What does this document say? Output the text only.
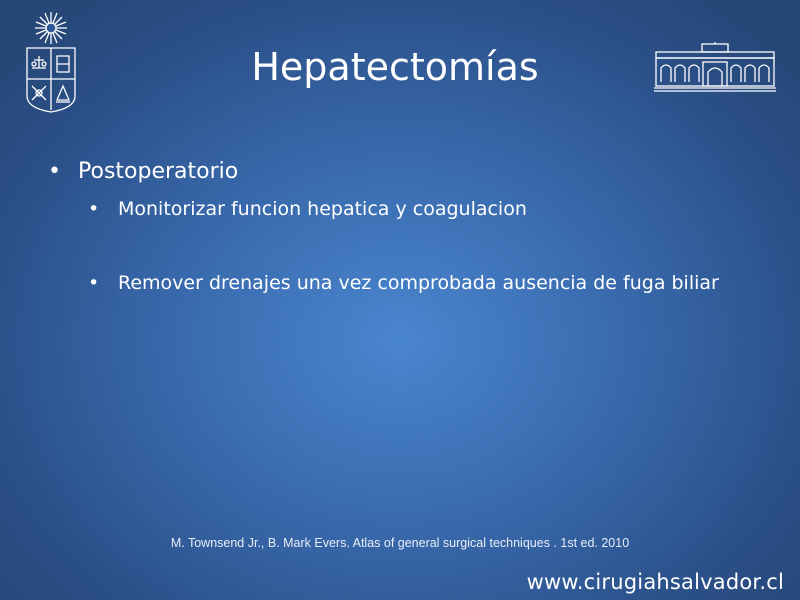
Hepatectomías
• Postoperatorio
• Monitorizar funcion hepatica y coagulacion
• Remover drenajes una vez comprobada ausencia de fuga biliar
M. Townsend Jr., B. Mark Evers. Atlas of general surgical techniques . 1st ed. 2010
www.cirugiahsalvador.cl
